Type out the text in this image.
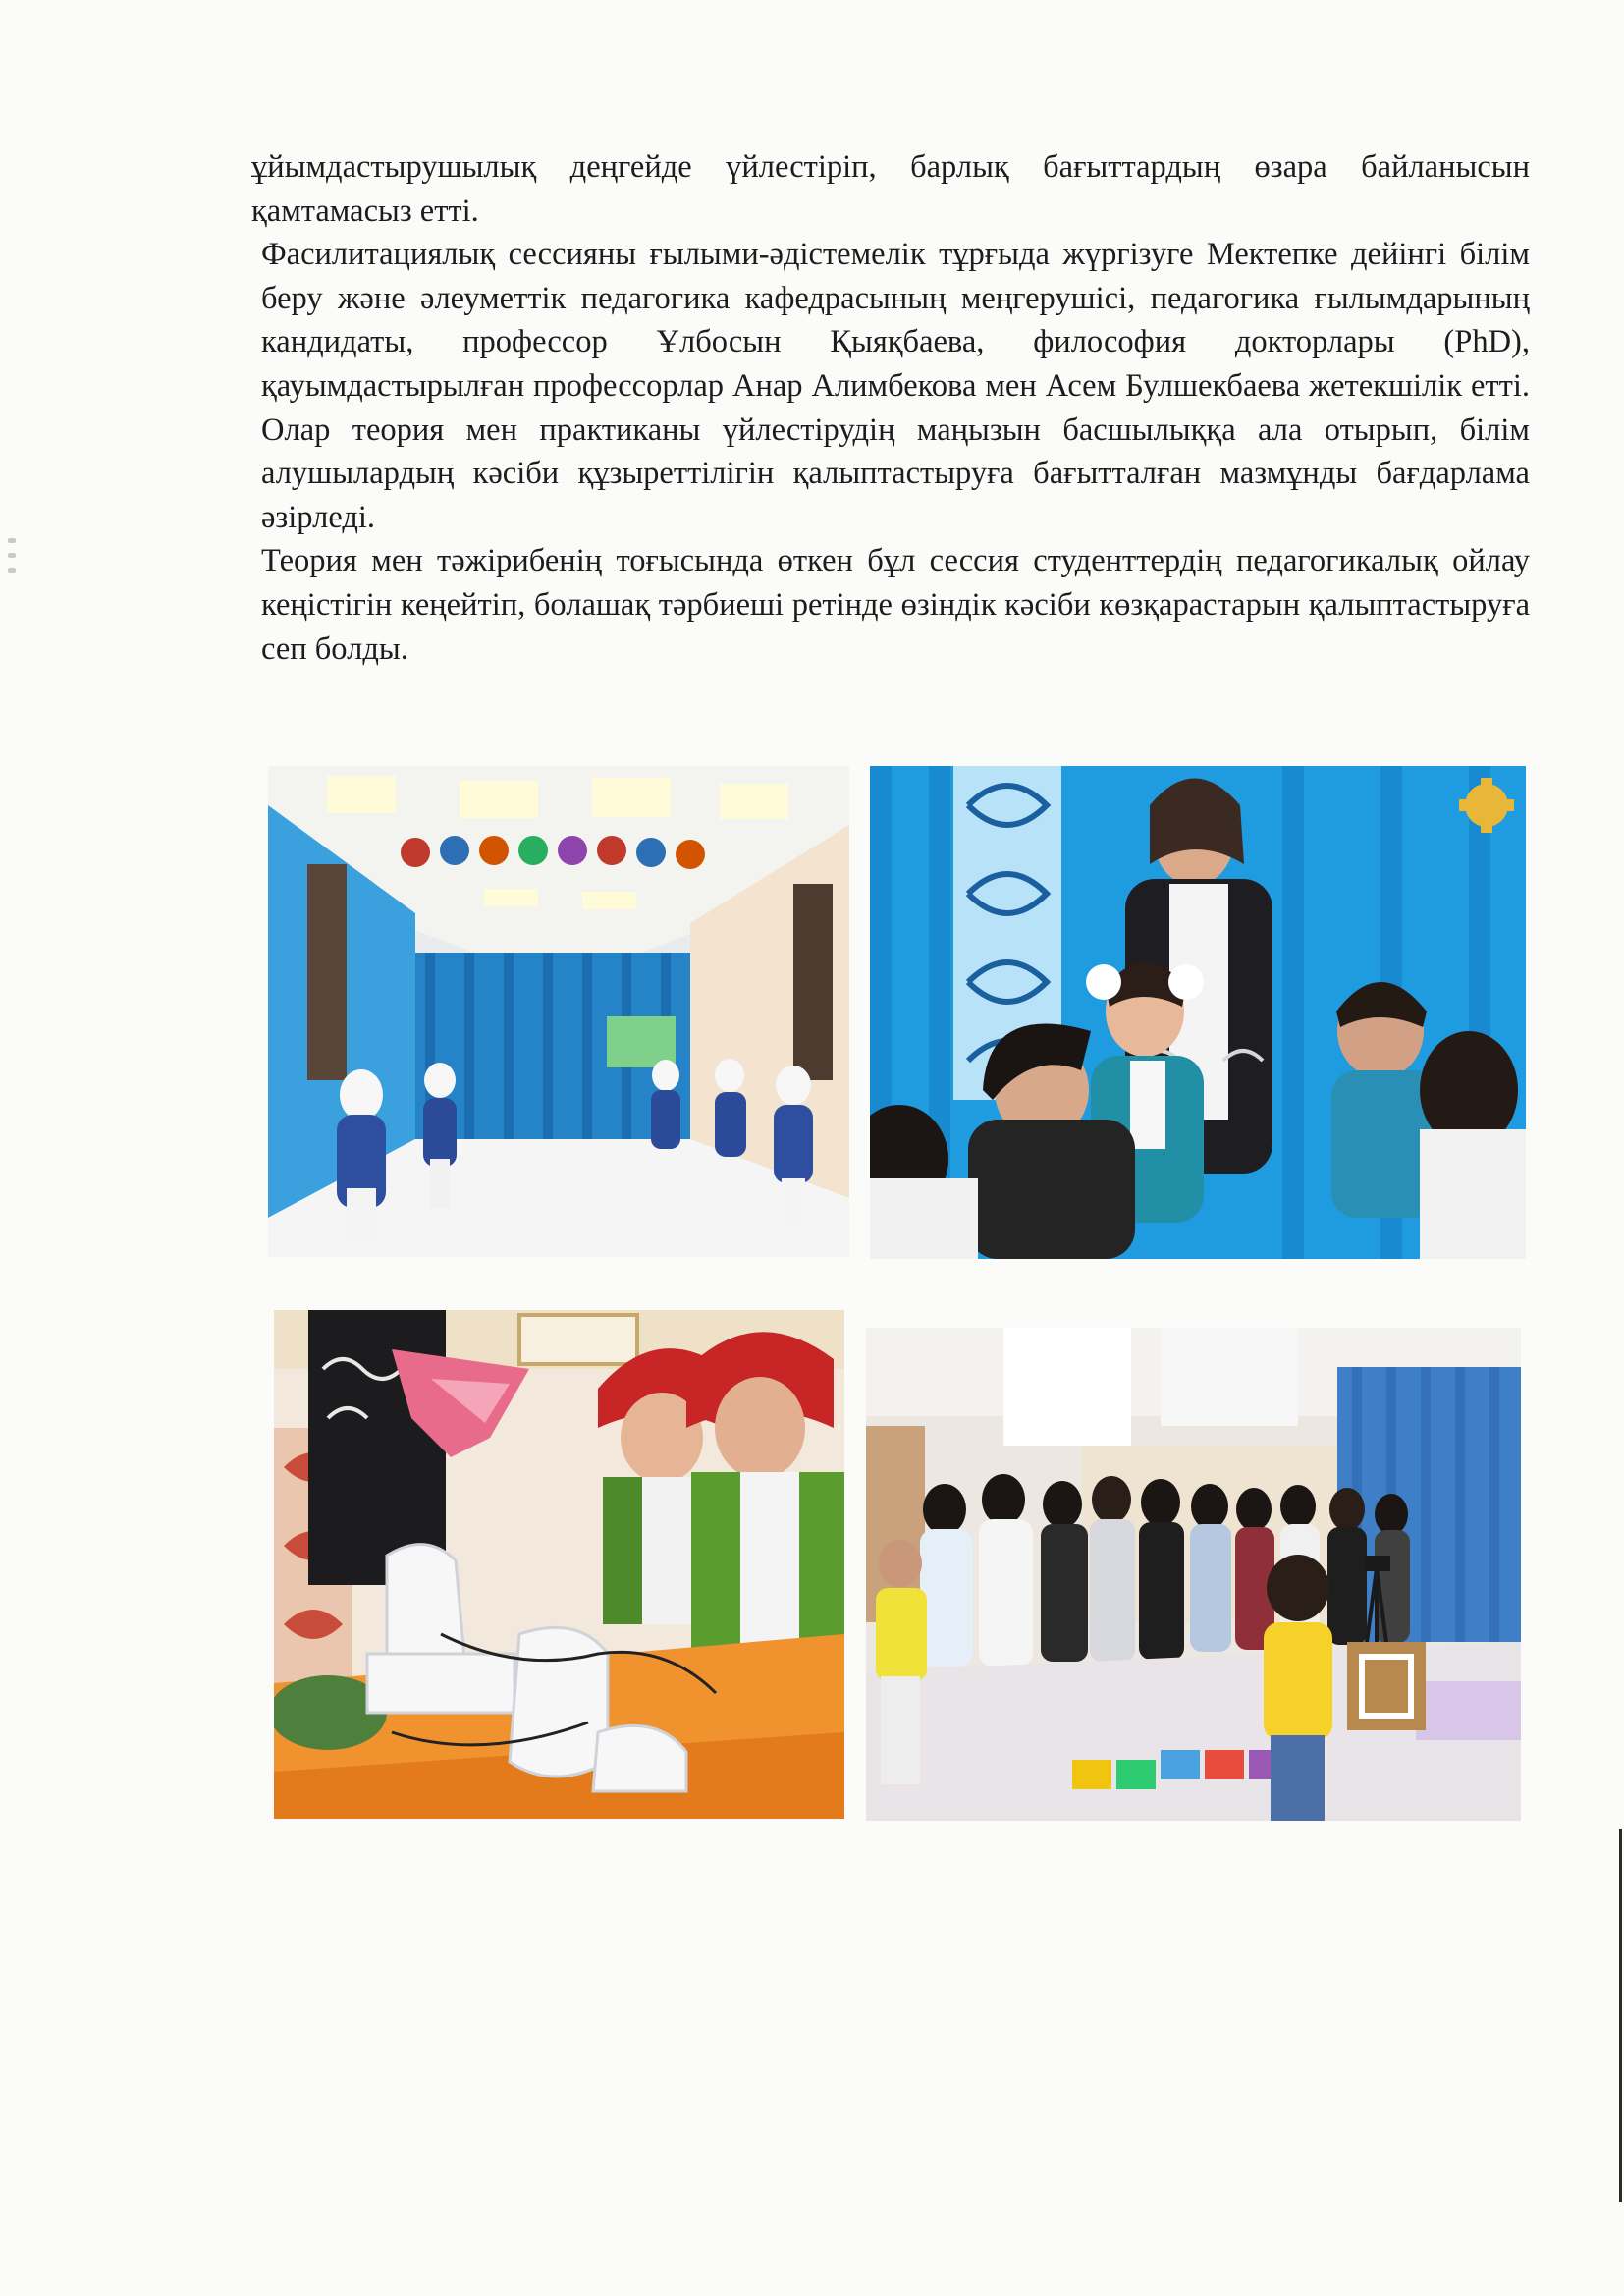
ұйымдастырушылық деңгейде үйлестіріп, барлық бағыттардың өзара байланысын қамтамасыз етті.

Фасилитациялық сессияны ғылыми-әдістемелік тұрғыда жүргізуге Мектепке дейінгі білім беру және әлеуметтік педагогика кафедрасының меңгерушісі, педагогика ғылымдарының кандидаты, профессор Ұлбосын Қыяқбаева, философия докторлары (PhD), қауымдастырылған профессорлар Анар Алимбекова мен Асем Булшекбаева жетекшілік етті. Олар теория мен практиканы үйлестірудің маңызын басшылыққа ала отырып, білім алушылардың кәсіби құзыреттілігін қалыптастыруға бағытталған мазмұнды бағдарлама әзірледі.

Теория мен тәжірибенің тоғысында өткен бұл сессия студенттердің педагогикалық ойлау кеңістігін кеңейтіп, болашақ тәрбиеші ретінде өзіндік кәсіби көзқарастарын қалыптастыруға сеп болды.
